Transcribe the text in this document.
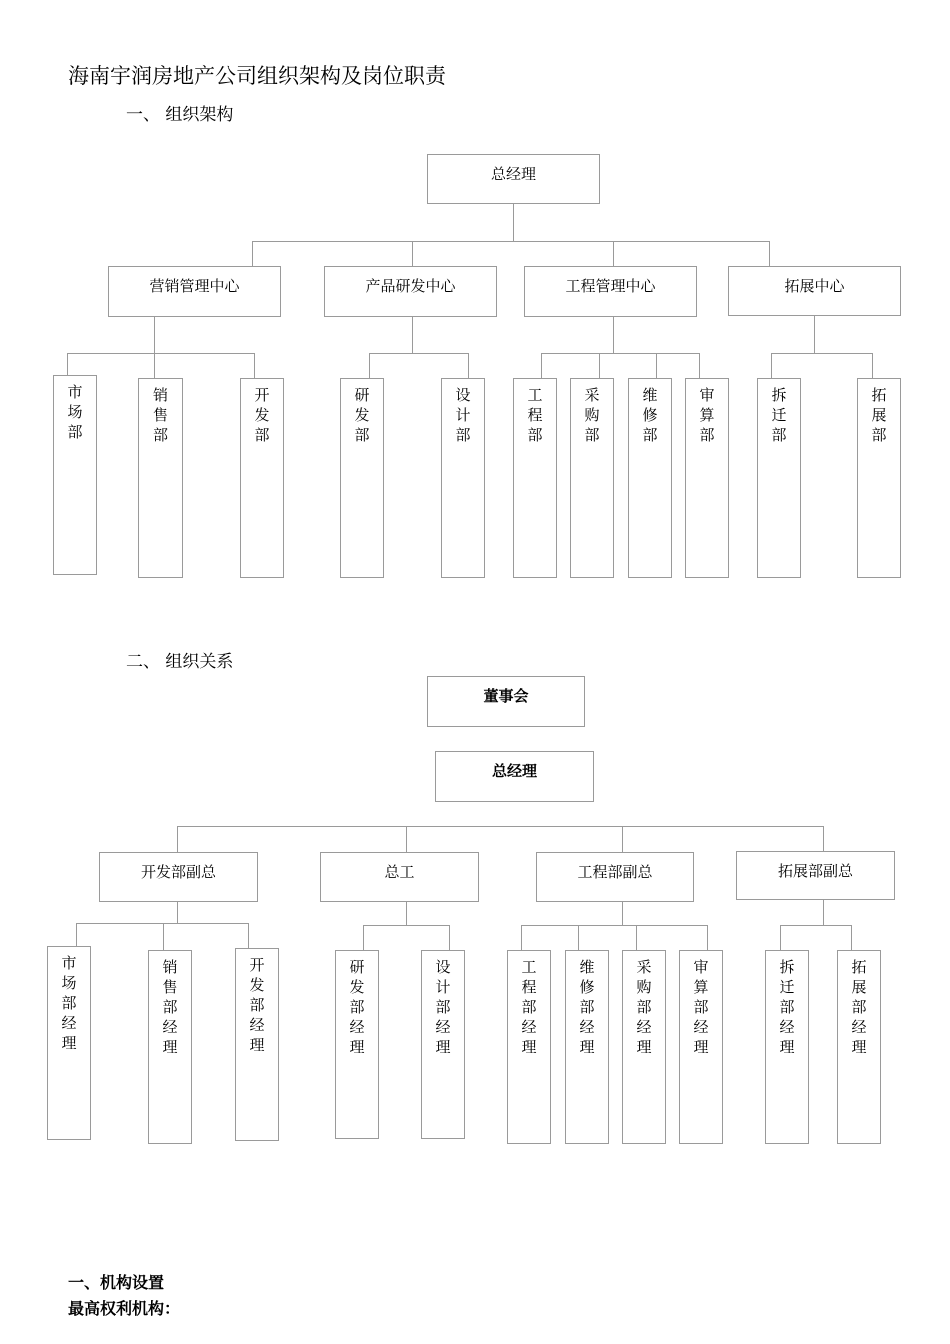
海南宇润房地产公司组织架构及岗位职责
一、 组织架构
总经理
营销管理中心	产品研发中心	工程管理中心	拓展中心
市
场
部
销
售
部
开
发
部
研
发
部
设
计
部
工
程
部
采
购
部
维
修
部
审
算
部
拆
迁
部
拓
展
部
二、 组织关系
董事会
总经理
开发部副总	总工	工程部副总	拓展部副总
市
场
部
经
理
销
售
部
经
理
开
发
部
经
理
研
发
部
经
理
设
计
部
经
理
工
程
部
经
理
维
修
部
经
理
采
购
部
经
理
审
算
部
经
理
拆
迁
部
经
理
拓
展
部
经
理
一、机构设置
最高权利机构：
